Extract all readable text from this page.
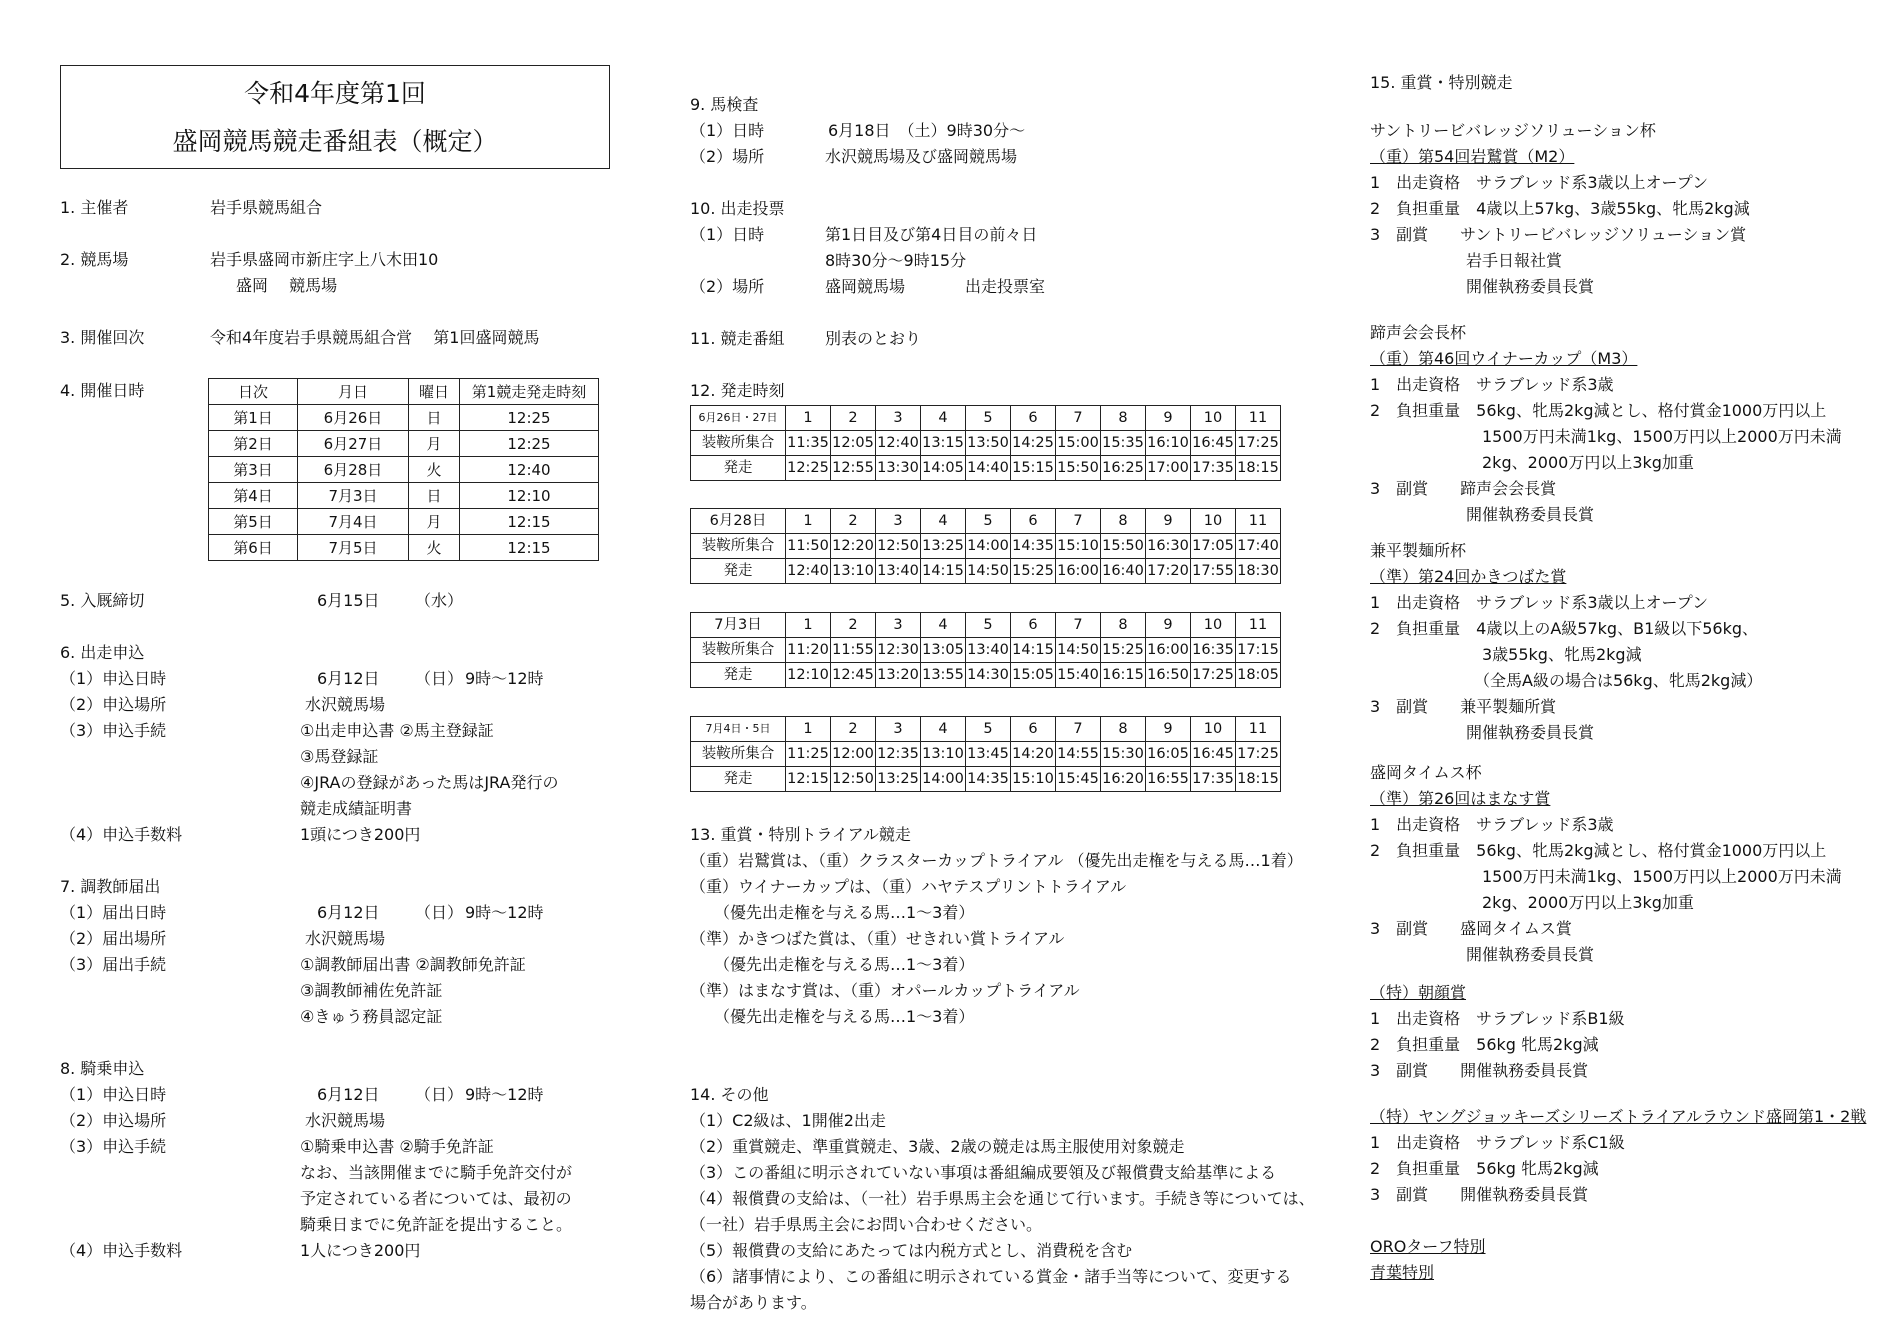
令和4年度第1回
盛岡競馬競走番組表（概定）
1. 主催者	岩手県競馬組合
2. 競馬場	岩手県盛岡市新庄字上八木田10
盛岡　 競馬場
3. 開催回次	令和4年度岩手県競馬組合営　 第1回盛岡競馬
4. 開催日時	日次	月日	曜日	第1競走発走時刻
第1日	6月26日	日	12:25
第2日	6月27日	月	12:25
第3日	6月28日	火	12:40
第4日	7月3日	日	12:10
第5日	7月4日	月	12:15
第6日	7月5日	火	12:15
5. 入厩締切	6月15日 （水）
6. 出走申込
（1）申込日時	6月12日 （日） 9時～12時
（2）申込場所	水沢競馬場
（3）申込手続	①出走申込書 ②馬主登録証
③馬登録証
④JRAの登録があった馬はJRA発行の
競走成績証明書
（4）申込手数料	1頭につき200円
7. 調教師届出
（1）届出日時	6月12日 （日） 9時～12時
（2）届出場所	水沢競馬場
（3）届出手続	①調教師届出書 ②調教師免許証
③調教師補佐免許証
④きゅう務員認定証
8. 騎乗申込
（1）申込日時	6月12日 （日） 9時～12時
（2）申込場所	水沢競馬場
（3）申込手続	①騎乗申込書 ②騎手免許証
なお、当該開催までに騎手免許交付が
予定されている者については、最初の
騎乗日までに免許証を提出すること。
（4）申込手数料	1人につき200円
9. 馬検査
（1）日時	6月18日　（土）9時30分～
（2）場所	水沢競馬場及び盛岡競馬場
10. 出走投票
（1）日時	第1日目及び第4日目の前々日
8時30分～9時15分
（2）場所	盛岡競馬場	出走投票室
11. 競走番組	別表のとおり
12. 発走時刻
6月26日・27日	1	2	3	4	5	6	7	8	9	10	11
装鞍所集合	11:35	12:05	12:40	13:15	13:50	14:25	15:00	15:35	16:10	16:45	17:25
発走	12:25	12:55	13:30	14:05	14:40	15:15	15:50	16:25	17:00	17:35	18:15
6月28日	1	2	3	4	5	6	7	8	9	10	11
装鞍所集合	11:50	12:20	12:50	13:25	14:00	14:35	15:10	15:50	16:30	17:05	17:40
発走	12:40	13:10	13:40	14:15	14:50	15:25	16:00	16:40	17:20	17:55	18:30
7月3日	1	2	3	4	5	6	7	8	9	10	11
装鞍所集合	11:20	11:55	12:30	13:05	13:40	14:15	14:50	15:25	16:00	16:35	17:15
発走	12:10	12:45	13:20	13:55	14:30	15:05	15:40	16:15	16:50	17:25	18:05
7月4日・5日	1	2	3	4	5	6	7	8	9	10	11
装鞍所集合	11:25	12:00	12:35	13:10	13:45	14:20	14:55	15:30	16:05	16:45	17:25
発走	12:15	12:50	13:25	14:00	14:35	15:10	15:45	16:20	16:55	17:35	18:15
13. 重賞・特別トライアル競走
（重）岩鷲賞は、（重）クラスターカップトライアル （優先出走権を与える馬…1着）
（重）ウイナーカップは、（重）ハヤテスプリントトライアル
　　（優先出走権を与える馬…1～3着）
（準）かきつばた賞は、（重）せきれい賞トライアル
　　（優先出走権を与える馬…1～3着）
（準）はまなす賞は、（重）オパールカップトライアル
　　（優先出走権を与える馬…1～3着）
14. その他
（1）C2級は、1開催2出走
（2）重賞競走、準重賞競走、3歳、2歳の競走は馬主服使用対象競走
（3）この番組に明示されていない事項は番組編成要領及び報償費支給基準による
（4）報償費の支給は、（一社）岩手県馬主会を通じて行います。手続き等については、
（一社）岩手県馬主会にお問い合わせください。
（5）報償費の支給にあたっては内税方式とし、消費税を含む
（6）諸事情により、この番組に明示されている賞金・諸手当等について、変更する
場合があります。
15. 重賞・特別競走
サントリービバレッジソリューション杯
（重）第54回岩鷲賞（M2）
1　出走資格　サラブレッド系3歳以上オープン
2　負担重量　4歳以上57kg、3歳55kg、牝馬2kg減
3　副賞　　サントリービバレッジソリューション賞
　　　　　　岩手日報社賞
　　　　　　開催執務委員長賞
蹄声会会長杯
（重）第46回ウイナーカップ（M3）
1　出走資格　サラブレッド系3歳
2　負担重量　56kg、牝馬2kg減とし、格付賞金1000万円以上
　　　　　　　1500万円未満1kg、1500万円以上2000万円未満
　　　　　　　2kg、2000万円以上3kg加重
3　副賞　　蹄声会会長賞
　　　　　　開催執務委員長賞
兼平製麺所杯
（準）第24回かきつばた賞
1　出走資格　サラブレッド系3歳以上オープン
2　負担重量　4歳以上のA級57kg、B1級以下56kg、
　　　　　　　3歳55kg、牝馬2kg減
　　　　　　　（全馬A級の場合は56kg、牝馬2kg減）
3　副賞　　兼平製麺所賞
　　　　　　開催執務委員長賞
盛岡タイムス杯
（準）第26回はまなす賞
1　出走資格　サラブレッド系3歳
2　負担重量　56kg、牝馬2kg減とし、格付賞金1000万円以上
　　　　　　　1500万円未満1kg、1500万円以上2000万円未満
　　　　　　　2kg、2000万円以上3kg加重
3　副賞　　盛岡タイムス賞
　　　　　　開催執務委員長賞
（特）朝顔賞
1　出走資格　サラブレッド系B1級
2　負担重量　56kg 牝馬2kg減
3　副賞　　開催執務委員長賞
（特）ヤングジョッキーズシリーズトライアルラウンド盛岡第1・2戦
1　出走資格　サラブレッド系C1級
2　負担重量　56kg 牝馬2kg減
3　副賞　　開催執務委員長賞
OROターフ特別
青葉特別
